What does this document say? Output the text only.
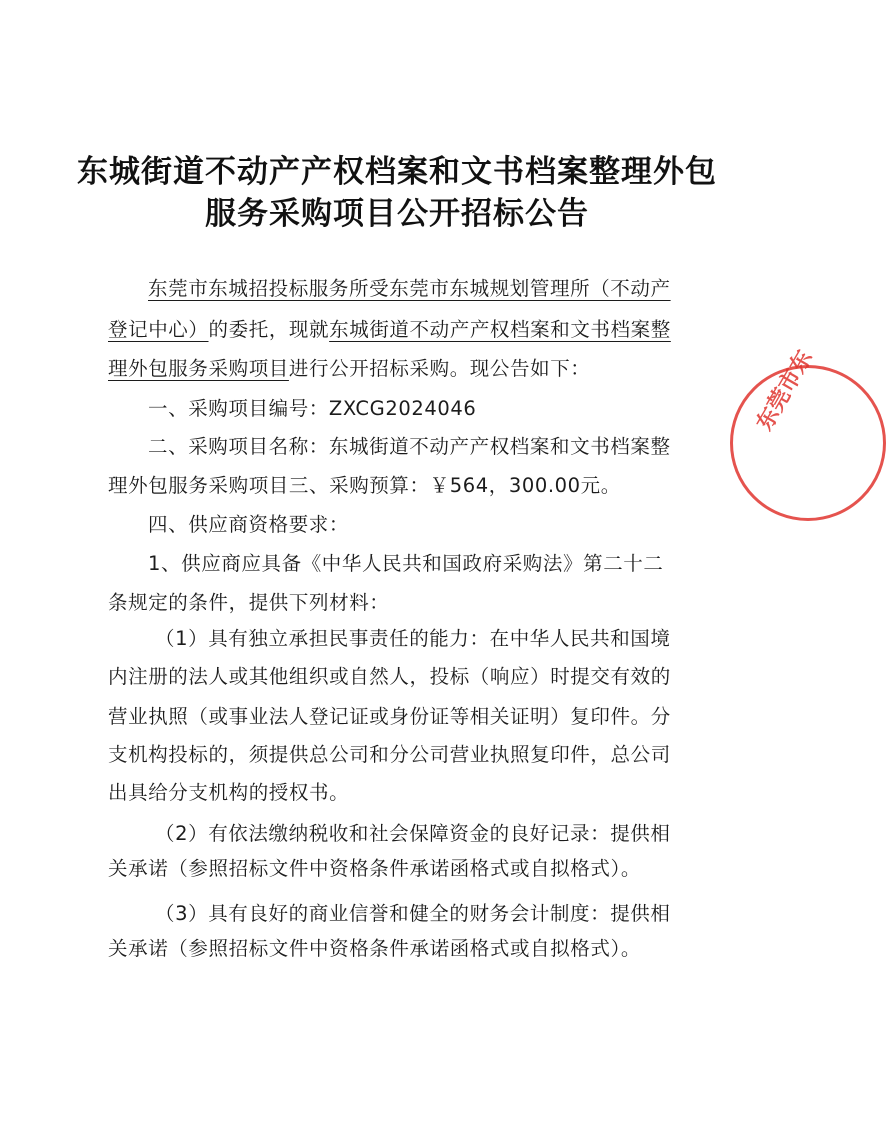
东城街道不动产产权档案和文书档案整理外包
服务采购项目公开招标公告
东莞市东城招投标服务所受东莞市东城规划管理所（不动产
登记中心）的委托，现就东城街道不动产产权档案和文书档案整
理外包服务采购项目进行公开招标采购。现公告如下：
一、采购项目编号：ZXCG2024046
二、采购项目名称：东城街道不动产产权档案和文书档案整
理外包服务采购项目三、采购预算：￥564，300.00元。
四、供应商资格要求：
1、供应商应具备《中华人民共和国政府采购法》第二十二
条规定的条件，提供下列材料：
（1）具有独立承担民事责任的能力：在中华人民共和国境
内注册的法人或其他组织或自然人，投标（响应）时提交有效的
营业执照（或事业法人登记证或身份证等相关证明）复印件。分
支机构投标的，须提供总公司和分公司营业执照复印件，总公司
出具给分支机构的授权书。
（2）有依法缴纳税收和社会保障资金的良好记录：提供相
关承诺（参照招标文件中资格条件承诺函格式或自拟格式）。
（3）具有良好的商业信誉和健全的财务会计制度：提供相
关承诺（参照招标文件中资格条件承诺函格式或自拟格式）。
东莞市东
